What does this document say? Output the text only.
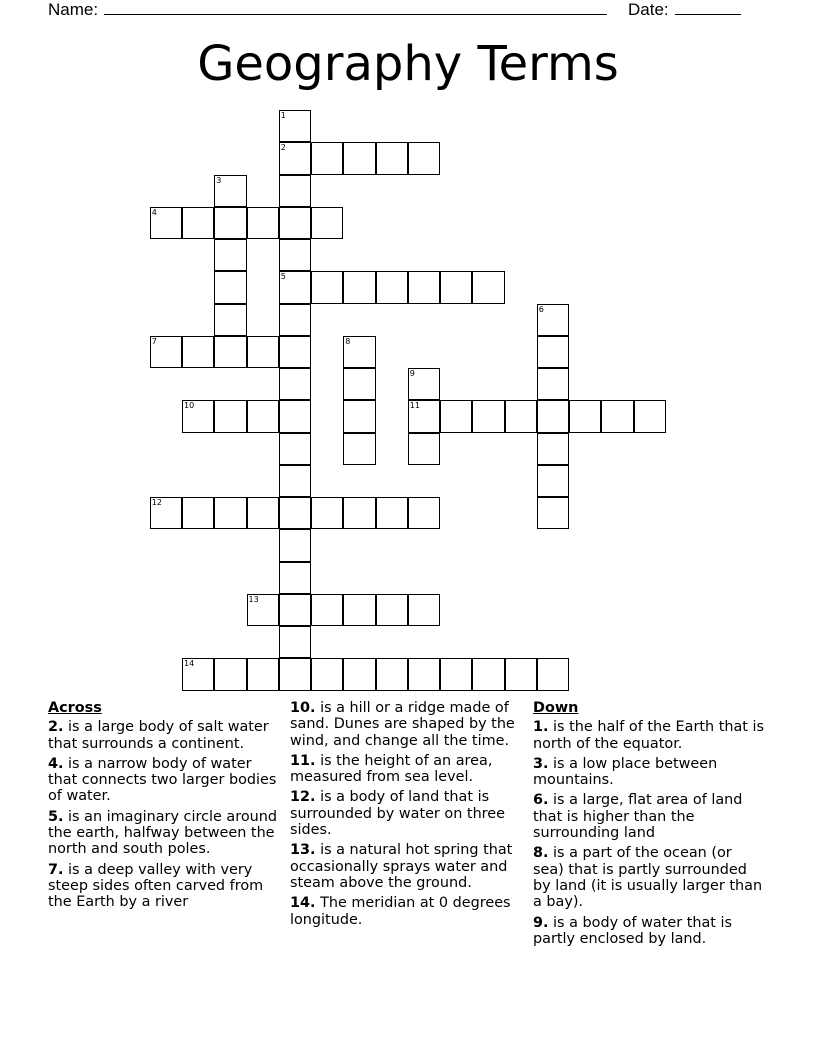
Name:	Date:
Geography Terms
1
2
3
4
5
6
7	8
9
10	11
12
13
14
Across
2. is a large body of salt water that surrounds a continent.
4. is a narrow body of water that connects two larger bodies of water.
5. is an imaginary circle around the earth, halfway between the north and south poles.
7. is a deep valley with very steep sides often carved from the Earth by a river
10. is a hill or a ridge made of sand. Dunes are shaped by the wind, and change all the time.
11. is the height of an area, measured from sea level.
12. is a body of land that is surrounded by water on three sides.
13. is a natural hot spring that occasionally sprays water and steam above the ground.
14. The meridian at 0 degrees longitude.
Down
1. is the half of the Earth that is north of the equator.
3. is a low place between mountains.
6. is a large, flat area of land that is higher than the surrounding land
8. is a part of the ocean (or sea) that is partly surrounded by land (it is usually larger than a bay).
9. is a body of water that is partly enclosed by land.
